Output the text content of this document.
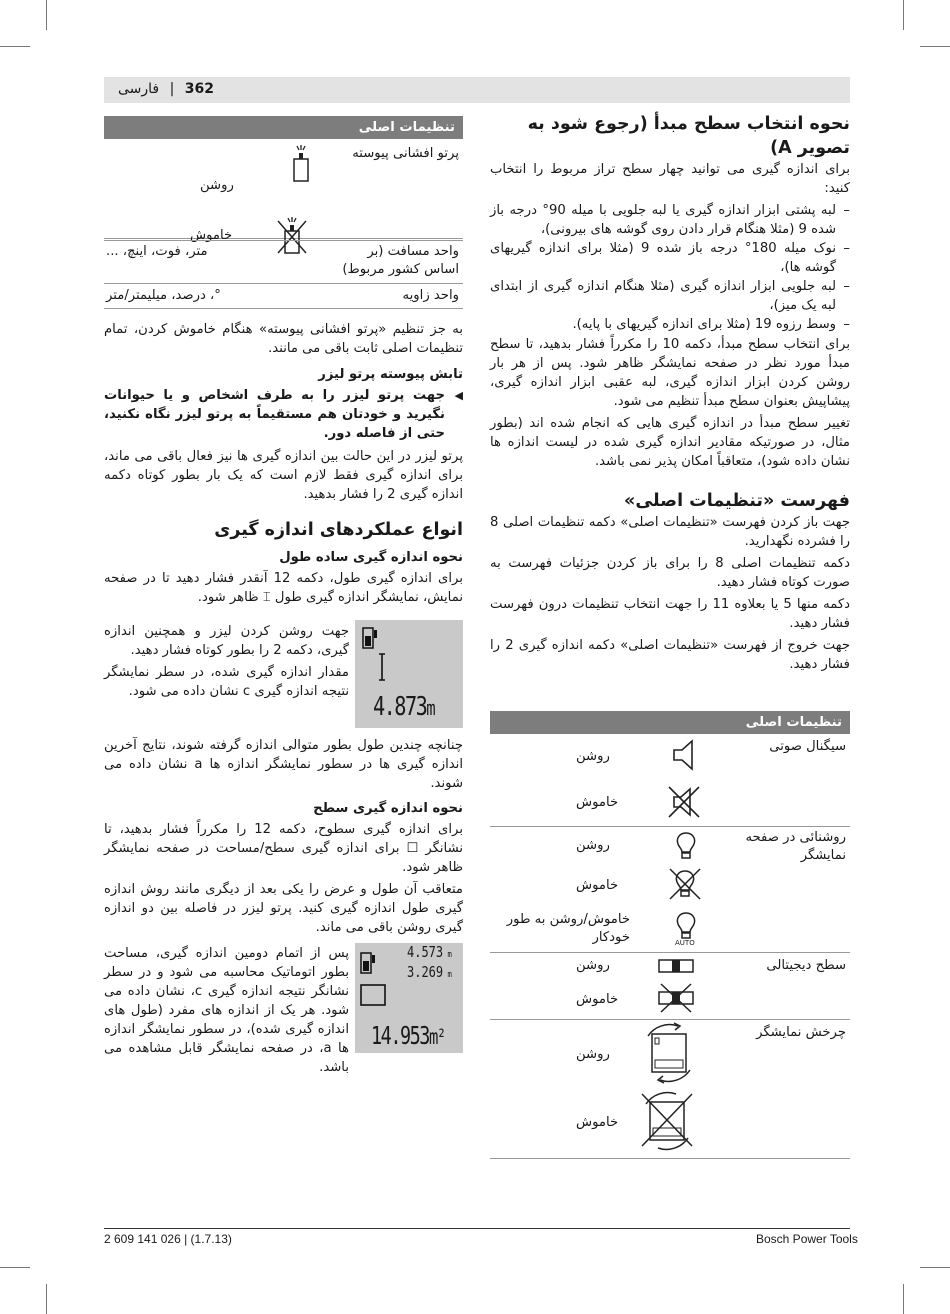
362 | فارسی
نحوه انتخاب سطح مبدأ (رجوع شود به تصویر A)

برای اندازه گیری می توانید چهار سطح تراز مربوط را انتخاب کنید:

– لبه پشتی ابزار اندازه گیری یا لبه جلویی با میله 90° درجه باز شده 9 (مثلا هنگام قرار دادن روی گوشه های بیرونی)،
– نوک میله 180° درجه باز شده 9 (مثلا برای اندازه گیریهای گوشه ها)،
– لبه جلویی ابزار اندازه گیری (مثلا هنگام اندازه گیری از ابتدای لبه یک میز)،
– وسط رزوه 19 (مثلا برای اندازه گیریهای با پایه).

برای انتخاب سطح مبدأ، دکمه 10 را مکرراً فشار بدهید، تا سطح مبدأ مورد نظر در صفحه نمایشگر ظاهر شود. پس از هر بار روشن کردن ابزار اندازه گیری، لبه عقبی ابزار اندازه گیری، پیشاپیش بعنوان سطح مبدأ تنظیم می شود.

تغییر سطح مبدأ در اندازه گیری هایی که انجام شده اند (بطور مثال، در صورتیکه مقادیر اندازه گیری شده در لیست اندازه ها نشان داده شود)، متعاقباً امکان پذیر نمی باشد.

فهرست «تنظیمات اصلی»

جهت باز کردن فهرست «تنظیمات اصلی» دکمه تنظیمات اصلی 8 را فشرده نگهدارید.

دکمه تنظیمات اصلی 8 را برای باز کردن جزئیات فهرست به صورت کوتاه فشار دهید.

دکمه منها 5 یا بعلاوه 11 را جهت انتخاب تنظیمات درون فهرست فشار دهید.

جهت خروج از فهرست «تنظیمات اصلی» دکمه اندازه گیری 2 را فشار دهید.

تنظیمات اصلی
سیگنال صوتی
روشن
خاموش
روشنائی در صفحه نمایشگر
روشن
خاموش
AUTO
خاموش/روشن به طور خودکار
سطح دیجیتالی
روشن
خاموش
چرخش نمایشگر
روشن
خاموش
تنظیمات اصلی
پرتو افشانی پیوسته
روشن
خاموش
واحد مسافت (بر اساس کشور مربوط)
متر، فوت، اینچ، ...
واحد زاویه
°، درصد، میلیمتر/متر

به جز تنظیم «پرتو افشانی پیوسته» هنگام خاموش کردن، تمام تنظیمات اصلی ثابت باقی می مانند.

تابش پیوسته پرتو لیزر
◀ جهت پرتو لیزر را به طرف اشخاص و یا حیوانات نگیرید و خودتان هم مستقیماً به پرتو لیزر نگاه نکنید، حتی از فاصله دور.

پرتو لیزر در این حالت بین اندازه گیری ها نیز فعال باقی می ماند، برای اندازه گیری فقط لازم است که یک بار بطور کوتاه دکمه اندازه گیری 2 را فشار بدهید.

انواع عملکردهای اندازه گیری
نحوه اندازه گیری ساده طول

برای اندازه گیری طول، دکمه 12 آنقدر فشار دهید تا در صفحه نمایش، نمایشگر اندازه گیری طول ⌶ ظاهر شود.

4.873m

جهت روشن کردن لیزر و همچنین اندازه گیری، دکمه 2 را بطور کوتاه فشار دهید.

مقدار اندازه گیری شده، در سطر نمایشگر نتیجه اندازه گیری c نشان داده می شود.

چنانچه چندین طول بطور متوالی اندازه گرفته شوند، نتایج آخرین اندازه گیری ها در سطور نمایشگر اندازه ها a نشان داده می شوند.

نحوه اندازه گیری سطح

برای اندازه گیری سطوح، دکمه 12 را مکرراً فشار بدهید، تا نشانگر ☐ برای اندازه گیری سطح/مساحت در صفحه نمایشگر ظاهر شود.

متعاقب آن طول و عرض را یکی بعد از دیگری مانند روش اندازه گیری طول اندازه گیری کنید. پرتو لیزر در فاصله بین دو اندازه گیری روشن باقی می ماند.

4.573 m
3.269 m
14.953m²

پس از اتمام دومین اندازه گیری، مساحت بطور اتوماتیک محاسبه می شود و در سطر نشانگر نتیجه اندازه گیری c، نشان داده می شود. هر یک از اندازه های مفرد (طول های اندازه گیری شده)، در سطور نمایشگر اندازه ها a، در صفحه نمایشگر قابل مشاهده می باشد.

2 609 141 026 | (1.7.13)	Bosch Power Tools
